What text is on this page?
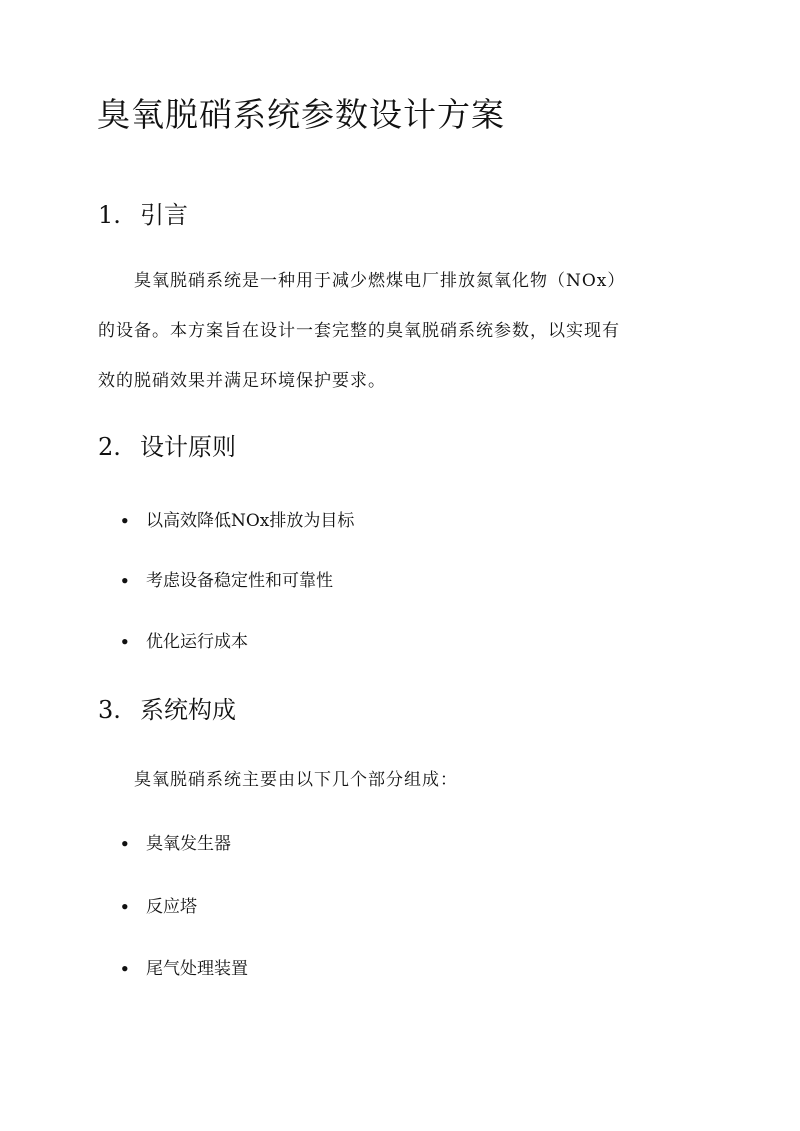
臭氧脱硝系统参数设计方案
1. 引言
　　臭氧脱硝系统是一种用于减少燃煤电厂排放氮氧化物（NOx）
的设备。本方案旨在设计一套完整的臭氧脱硝系统参数，以实现有
效的脱硝效果并满足环境保护要求。
2. 设计原则
• 以高效降低NOx排放为目标
• 考虑设备稳定性和可靠性
• 优化运行成本
3. 系统构成
　　臭氧脱硝系统主要由以下几个部分组成：
• 臭氧发生器
• 反应塔
• 尾气处理装置
